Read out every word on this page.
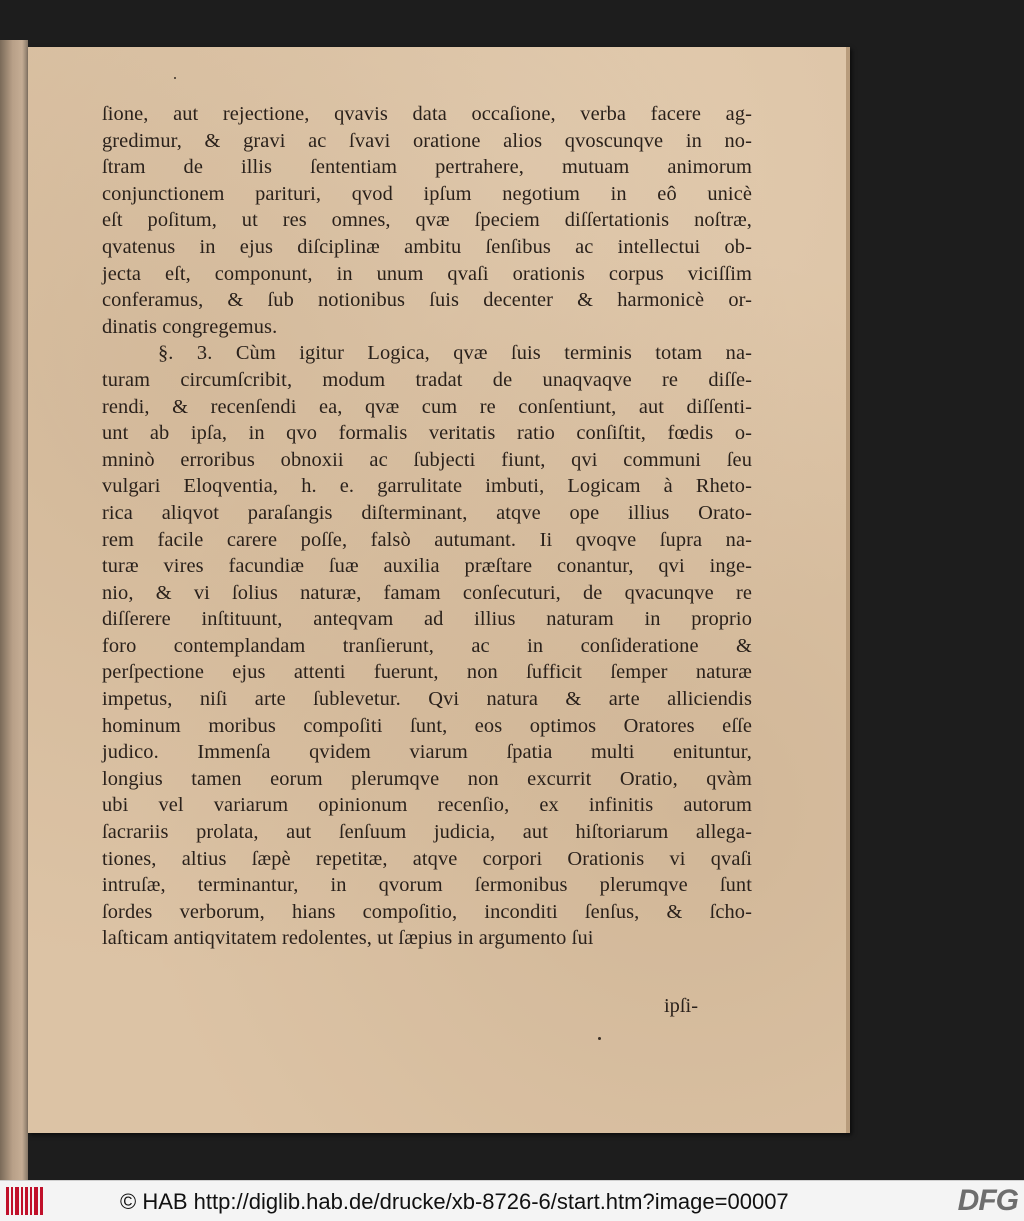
ſione, aut rejectione, qvavis data occaſione, verba facere ag-
gredimur, & gravi ac ſvavi oratione alios qvoscunqve in no-
ſtram de illis ſententiam pertrahere, mutuam animorum
conjunctionem parituri, qvod ipſum negotium in eô unicè
eſt poſitum, ut res omnes, qvæ ſpeciem diſſertationis noſtræ,
qvatenus in ejus diſciplinæ ambitu ſenſibus ac intellectui ob-
jecta eſt, componunt, in unum qvaſi orationis corpus viciſſim
conferamus, & ſub notionibus ſuis decenter & harmonicè or-
dinatis congregemus.
§. 3. Cùm igitur Logica, qvæ ſuis terminis totam na-
turam circumſcribit, modum tradat de unaqvaqve re diſſe-
rendi, & recenſendi ea, qvæ cum re conſentiunt, aut diſſenti-
unt ab ipſa, in qvo formalis veritatis ratio conſiſtit, fœdis o-
mninò erroribus obnoxii ac ſubjecti fiunt, qvi communi ſeu
vulgari Eloqventia, h. e. garrulitate imbuti, Logicam à Rheto-
rica aliqvot paraſangis diſterminant, atqve ope illius Orato-
rem facile carere poſſe, falsò autumant. Ii qvoqve ſupra na-
turæ vires facundiæ ſuæ auxilia præſtare conantur, qvi inge-
nio, & vi ſolius naturæ, famam conſecuturi, de qvacunqve re
diſſerere inſtituunt, anteqvam ad illius naturam in proprio
foro contemplandam tranſierunt, ac in conſideratione &
perſpectione ejus attenti fuerunt, non ſufficit ſemper naturæ
impetus, niſi arte ſublevetur. Qvi natura & arte alliciendis
hominum moribus compoſiti ſunt, eos optimos Oratores eſſe
judico. Immenſa qvidem viarum ſpatia multi enituntur,
longius tamen eorum plerumqve non excurrit Oratio, qvàm
ubi vel variarum opinionum recenſio, ex infinitis autorum
ſacrariis prolata, aut ſenſuum judicia, aut hiſtoriarum allega-
tiones, altius ſæpè repetitæ, atqve corpori Orationis vi qvaſi
intruſæ, terminantur, in qvorum ſermonibus plerumqve ſunt
ſordes verborum, hians compoſitio, inconditi ſenſus, & ſcho-
laſticam antiqvitatem redolentes, ut ſæpius in argumento ſui
ipſi-
© HAB http://diglib.hab.de/drucke/xb-8726-6/start.htm?image=00007	DFG
